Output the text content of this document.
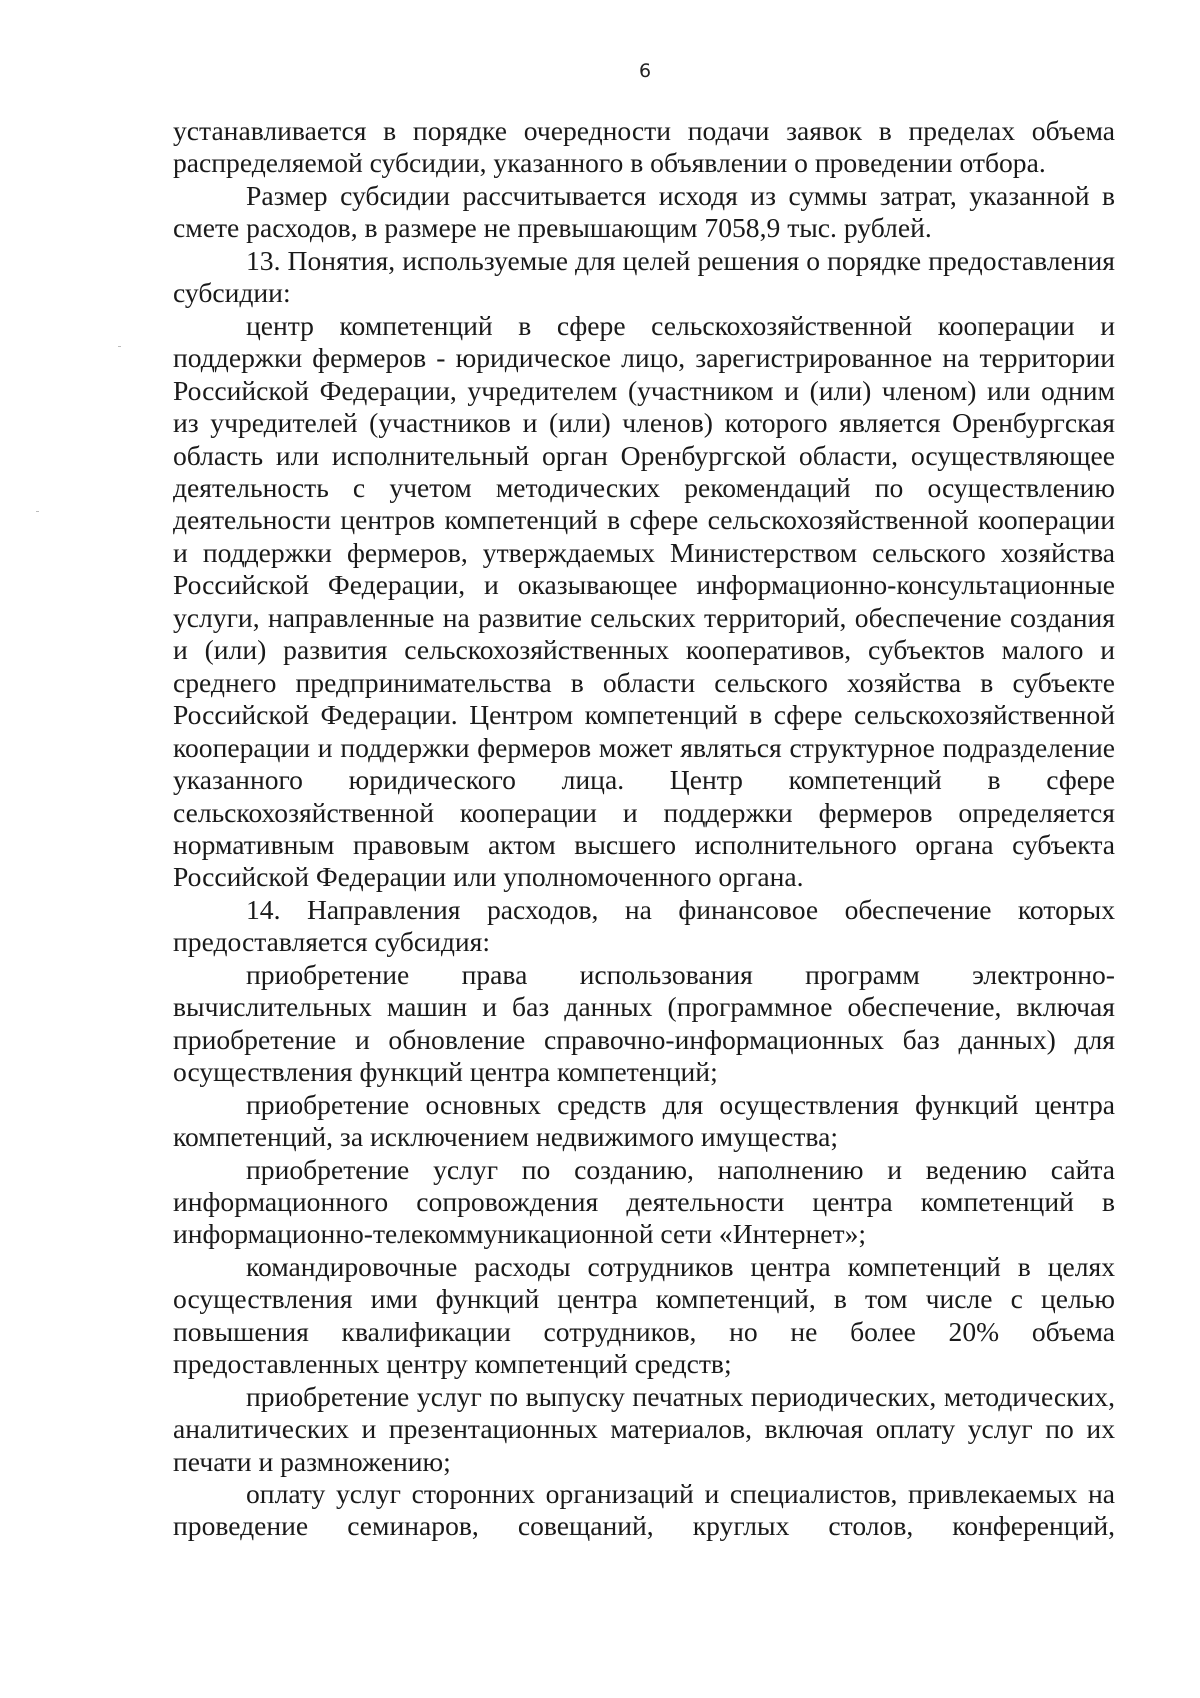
6

устанавливается в порядке очередности подачи заявок в пределах объема распределяемой субсидии, указанного в объявлении о проведении отбора.

Размер субсидии рассчитывается исходя из суммы затрат, указанной в смете расходов, в размере не превышающим 7058,9 тыс. рублей.

13. Понятия, используемые для целей решения о порядке предоставления субсидии:

центр компетенций в сфере сельскохозяйственной кооперации и поддержки фермеров - юридическое лицо, зарегистрированное на территории Российской Федерации, учредителем (участником и (или) членом) или одним из учредителей (участников и (или) членов) которого является Оренбургская область или исполнительный орган Оренбургской области, осуществляющее деятельность с учетом методических рекомендаций по осуществлению деятельности центров компетенций в сфере сельскохозяйственной кооперации и поддержки фермеров, утверждаемых Министерством сельского хозяйства Российской Федерации, и оказывающее информационно-консультационные услуги, направленные на развитие сельских территорий, обеспечение создания и (или) развития сельскохозяйственных кооперативов, субъектов малого и среднего предпринимательства в области сельского хозяйства в субъекте Российской Федерации. Центром компетенций в сфере сельскохозяйственной кооперации и поддержки фермеров может являться структурное подразделение указанного юридического лица. Центр компетенций в сфере сельскохозяйственной кооперации и поддержки фермеров определяется нормативным правовым актом высшего исполнительного органа субъекта Российской Федерации или уполномоченного органа.

14. Направления расходов, на финансовое обеспечение которых предоставляется субсидия:

приобретение права использования программ электронно-вычислительных машин и баз данных (программное обеспечение, включая приобретение и обновление справочно-информационных баз данных) для осуществления функций центра компетенций;

приобретение основных средств для осуществления функций центра компетенций, за исключением недвижимого имущества;

приобретение услуг по созданию, наполнению и ведению сайта информационного сопровождения деятельности центра компетенций в информационно-телекоммуникационной сети «Интернет»;

командировочные расходы сотрудников центра компетенций в целях осуществления ими функций центра компетенций, в том числе с целью повышения квалификации сотрудников, но не более 20% объема предоставленных центру компетенций средств;

приобретение услуг по выпуску печатных периодических, методических, аналитических и презентационных материалов, включая оплату услуг по их печати и размножению;

оплату услуг сторонних организаций и специалистов, привлекаемых на проведение семинаров, совещаний, круглых столов, конференций,
